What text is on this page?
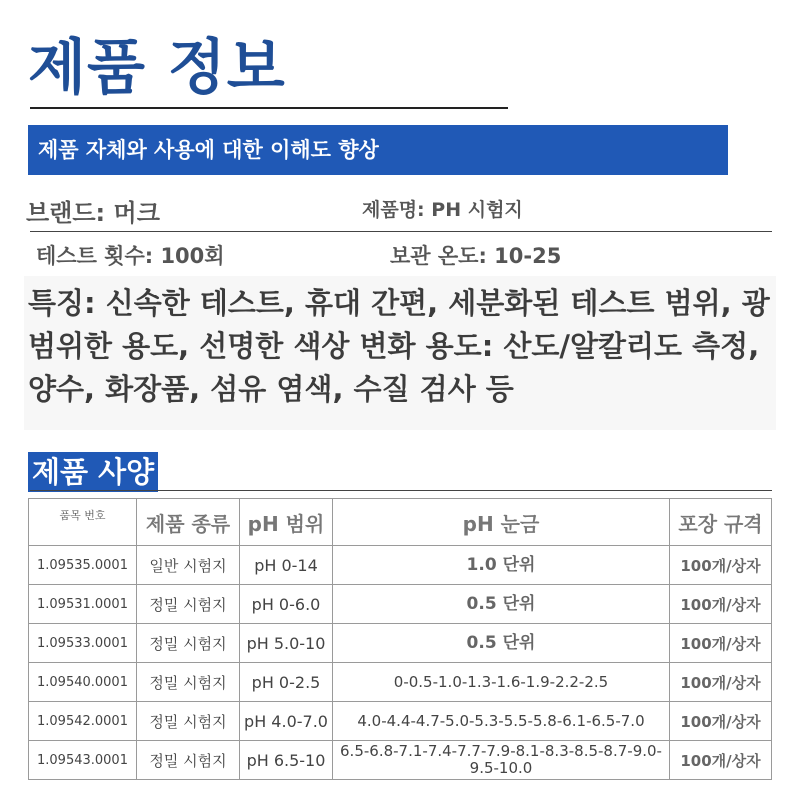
제품 정보
제품 자체와 사용에 대한 이해도 향상
브랜드: 머크	제품명: PH 시험지
테스트 횟수: 100회	보관 온도: 10-25

특징: 신속한 테스트, 휴대 간편, 세분화된 테스트 범위, 광범위한 용도, 선명한 색상 변화 용도: 산도/알칼리도 측정, 양수, 화장품, 섬유 염색, 수질 검사 등

제품 사양
품목 번호	제품 종류	pH 범위	pH 눈금	포장 규격
1.09535.0001	일반 시험지	pH 0-14	1.0 단위	100개/상자
1.09531.0001	정밀 시험지	pH 0-6.0	0.5 단위	100개/상자
1.09533.0001	정밀 시험지	pH 5.0-10	0.5 단위	100개/상자
1.09540.0001	정밀 시험지	pH 0-2.5	0-0.5-1.0-1.3-1.6-1.9-2.2-2.5	100개/상자
1.09542.0001	정밀 시험지	pH 4.0-7.0	4.0-4.4-4.7-5.0-5.3-5.5-5.8-6.1-6.5-7.0	100개/상자
1.09543.0001	정밀 시험지	pH 6.5-10	6.5-6.8-7.1-7.4-7.7-7.9-8.1-8.3-8.5-8.7-9.0-9.5-10.0	100개/상자
